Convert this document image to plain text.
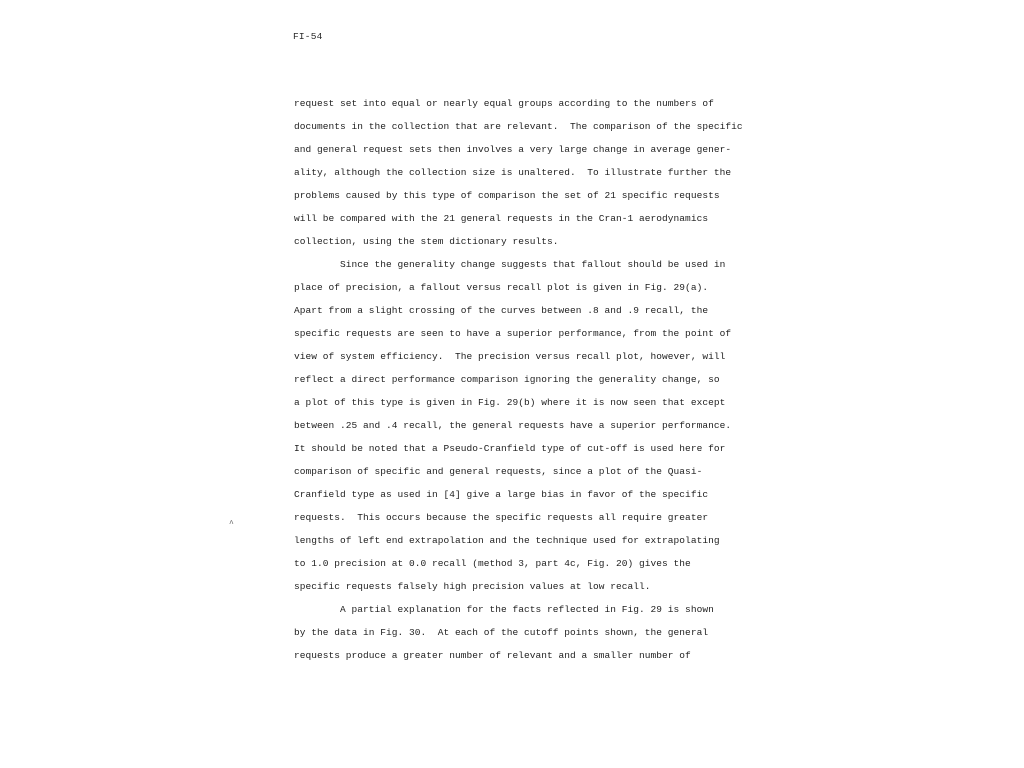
FI-54
request set into equal or nearly equal groups according to the numbers of
documents in the collection that are relevant.  The comparison of the specific
and general request sets then involves a very large change in average gener-
ality, although the collection size is unaltered.  To illustrate further the
problems caused by this type of comparison the set of 21 specific requests
will be compared with the 21 general requests in the Cran-1 aerodynamics
collection, using the stem dictionary results.
Since the generality change suggests that fallout should be used in
place of precision, a fallout versus recall plot is given in Fig. 29(a).
Apart from a slight crossing of the curves between .8 and .9 recall, the
specific requests are seen to have a superior performance, from the point of
view of system efficiency.  The precision versus recall plot, however, will
reflect a direct performance comparison ignoring the generality change, so
a plot of this type is given in Fig. 29(b) where it is now seen that except
between .25 and .4 recall, the general requests have a superior performance.
It should be noted that a Pseudo-Cranfield type of cut-off is used here for
comparison of specific and general requests, since a plot of the Quasi-
Cranfield type as used in [4] give a large bias in favor of the specific
requests.  This occurs because the specific requests all require greater
lengths of left end extrapolation and the technique used for extrapolating
to 1.0 precision at 0.0 recall (method 3, part 4c, Fig. 20) gives the
specific requests falsely high precision values at low recall.
A partial explanation for the facts reflected in Fig. 29 is shown
by the data in Fig. 30.  At each of the cutoff points shown, the general
requests produce a greater number of relevant and a smaller number of
^
